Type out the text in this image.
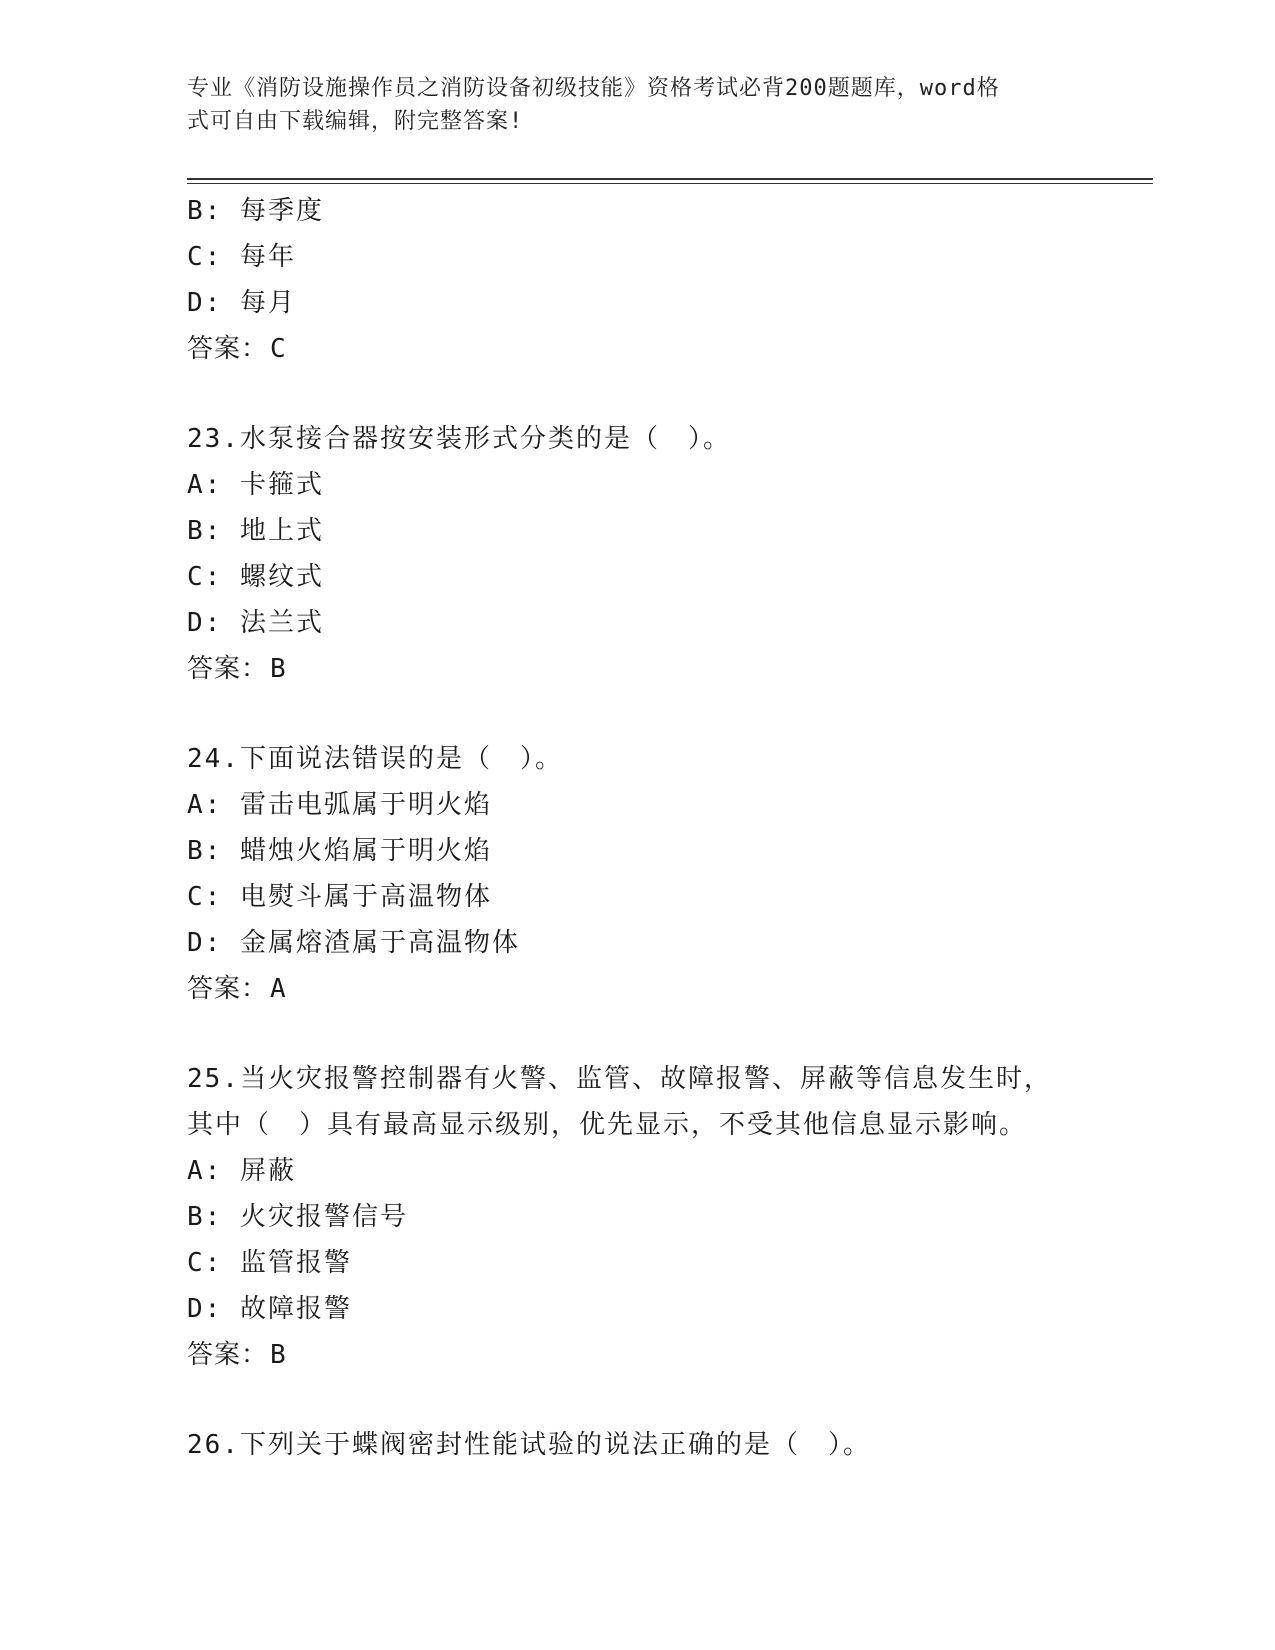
专业《消防设施操作员之消防设备初级技能》资格考试必背200题题库，word格
式可自由下载编辑，附完整答案!
B: 每季度
C: 每年
D: 每月
答案：C
23.水泵接合器按安装形式分类的是（　）。
A: 卡箍式
B: 地上式
C: 螺纹式
D: 法兰式
答案：B
24.下面说法错误的是（　）。
A: 雷击电弧属于明火焰
B: 蜡烛火焰属于明火焰
C: 电熨斗属于高温物体
D: 金属熔渣属于高温物体
答案：A
25.当火灾报警控制器有火警、监管、故障报警、屏蔽等信息发生时，
其中（　）具有最高显示级别，优先显示，不受其他信息显示影响。
A: 屏蔽
B: 火灾报警信号
C: 监管报警
D: 故障报警
答案：B
26.下列关于蝶阀密封性能试验的说法正确的是（　）。
